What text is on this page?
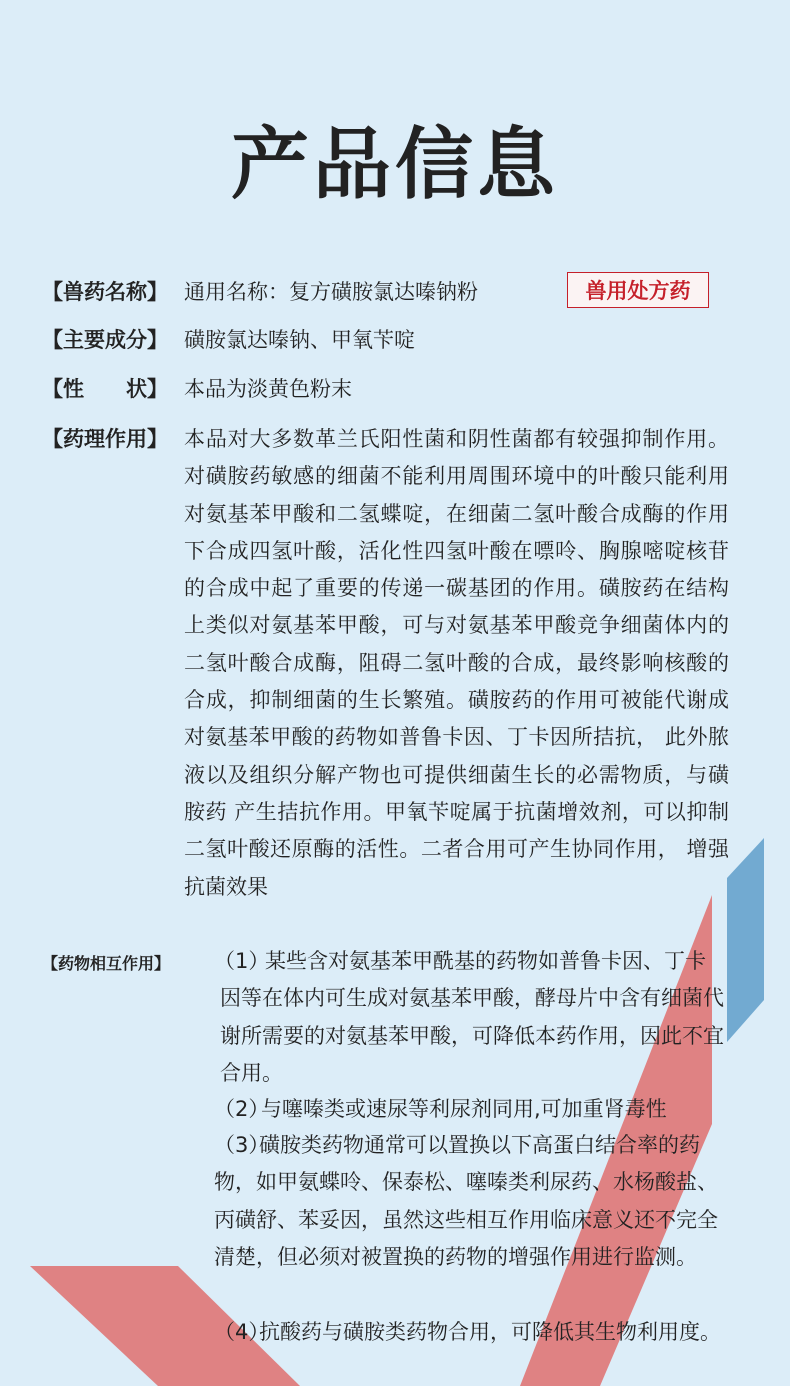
产品信息
【兽药名称】 通用名称：复方磺胺氯达嗪钠粉	兽用处方药
【主要成分】 磺胺氯达嗪钠、甲氧苄啶
【性　　状】 本品为淡黄色粉末
【药理作用】 本品对大多数革兰氏阳性菌和阴性菌都有较强抑制作用。对磺胺药敏感的细菌不能利用周围环境中的叶酸只能利用对氨基苯甲酸和二氢蝶啶，在细菌二氢叶酸合成酶的作用下合成四氢叶酸，活化性四氢叶酸在嘌呤、胸腺嘧啶核苷的合成中起了重要的传递一碳基团的作用。磺胺药在结构上类似对氨基苯甲酸，可与对氨基苯甲酸竞争细菌体内的二氢叶酸合成酶，阻碍二氢叶酸的合成，最终影响核酸的合成，抑制细菌的生长繁殖。磺胺药的作用可被能代谢成对氨基苯甲酸的药物如普鲁卡因、丁卡因所拮抗， 此外脓液以及组织分解产物也可提供细菌生长的必需物质，与磺胺药 产生拮抗作用。甲氧苄啶属于抗菌增效剂，可以抑制二氢叶酸还原酶的活性。二者合用可产生协同作用， 增强抗菌效果
【药物相互作用】 （1）
某些含对氨基苯甲酰基的药物如普鲁卡因、丁卡因等在体内可生成对氨基苯甲酸，酵母片中含有细菌代谢所需要的对氨基苯甲酸，可降低本药作用，因此不宜合用。
（2）
与噻嗪类或速尿等利尿剂同用,可加重肾毒性
（3）
磺胺类药物通常可以置换以下高蛋白结合率的药物，如甲氨蝶呤、保泰松、噻嗪类利尿药、水杨酸盐、丙磺舒、苯妥因，虽然这些相互作用临床意义还不完全清楚，但必须对被置换的药物的增强作用进行监测。
（4）
抗酸药与磺胺类药物合用，可降低其生物利用度。
